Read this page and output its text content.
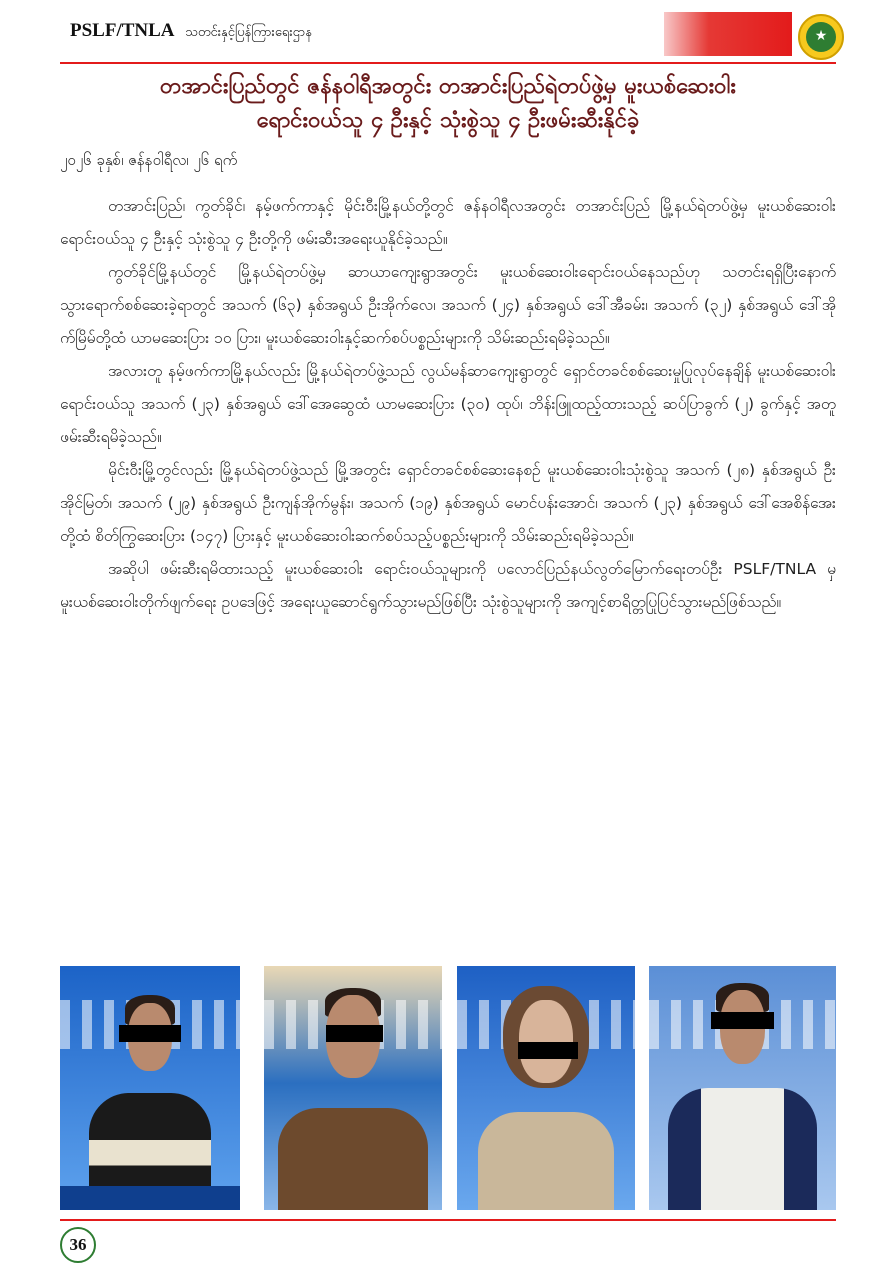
PSLF/TNLA သတင်းနှင့်ပြန်ကြားရေးဌာန	★
တအာင်းပြည်တွင် ဇန်နဝါရီအတွင်း တအာင်းပြည်ရဲတပ်ဖွဲ့မှ မူးယစ်ဆေးဝါး
ရောင်းဝယ်သူ ၄ ဦးနှင့် သုံးစွဲသူ ၄ ဦးဖမ်းဆီးနိုင်ခဲ့
၂၀၂၆ ခုနှစ်၊ ဇန်နဝါရီလ၊ ၂၆ ရက်

တအာင်းပြည်၊ ကွတ်ခိုင်၊ နမ့်ဖက်ကာနှင့် မိုင်းဝီးမြို့နယ်တို့တွင် ဇန်နဝါရီလအတွင်း တအာင်းပြည် မြို့နယ်ရဲတပ်ဖွဲ့မှ မူးယစ်ဆေးဝါးရောင်းဝယ်သူ ၄ ဦးနှင့် သုံးစွဲသူ ၄ ဦးတို့ကို ဖမ်းဆီးအရေးယူနိုင်ခဲ့သည်။

ကွတ်ခိုင်မြို့နယ်တွင် မြို့နယ်ရဲတပ်ဖွဲ့မှ ဆာယာကျေးရွာအတွင်း မူးယစ်ဆေးဝါးရောင်းဝယ်နေသည်ဟု သတင်းရရှိပြီးနောက် သွားရောက်စစ်ဆေးခဲ့ရာတွင် အသက် (၆၃) နှစ်အရွယ် ဦးအိုက်လေ၊ အသက် (၂၄) နှစ်အရွယ် ဒေါ်အီခမ်း၊ အသက် (၃၂) နှစ်အရွယ် ဒေါ်အိုက်မြိမ်တို့ထံ ယာမဆေးပြား ၁၀ ပြား၊ မူးယစ်ဆေးဝါးနှင့်ဆက်စပ်ပစ္စည်းများကို သိမ်းဆည်းရမိခဲ့သည်။

အလားတူ နမ့်ဖက်ကာမြို့နယ်လည်း မြို့နယ်ရဲတပ်ဖွဲ့သည် လွယ်မန်ဆာကျေးရွာတွင် ရှောင်တခင်စစ်ဆေးမှုပြုလုပ်နေချိန် မူးယစ်ဆေးဝါးရောင်းဝယ်သူ အသက် (၂၃) နှစ်အရွယ် ဒေါ်အေဆွေထံ ယာမဆေးပြား (၃၀) ထုပ်၊ ဘိန်းဖြူထည့်ထားသည့် ဆပ်ပြာခွက် (၂) ခွက်နှင့် အတူ ဖမ်းဆီးရမိခဲ့သည်။

မိုင်းဝီးမြို့တွင်လည်း မြို့နယ်ရဲတပ်ဖွဲ့သည် မြို့အတွင်း ရှောင်တခင်စစ်ဆေးနေစဉ် မူးယစ်ဆေးဝါးသုံးစွဲသူ အသက် (၂၈) နှစ်အရွယ် ဦးအိုင်မြတ်၊ အသက် (၂၉) နှစ်အရွယ် ဦးကျန်အိုက်မွန်း၊ အသက် (၁၉) နှစ်အရွယ် မောင်ပန်းအောင်၊ အသက် (၂၃) နှစ်အရွယ် ဒေါ်အေစိန်အေးတို့ထံ စိတ်ကြွဆေးပြား (၁၄၇) ပြားနှင့် မူးယစ်ဆေးဝါးဆက်စပ်သည့်ပစ္စည်းများကို သိမ်းဆည်းရမိခဲ့သည်။

အဆိုပါ ဖမ်းဆီးရမိထားသည့် မူးယစ်ဆေးဝါး ရောင်းဝယ်သူများကို ပလောင်ပြည်နယ်လွတ်မြောက်ရေးတပ်ဦး PSLF/TNLA မှ မူးယစ်ဆေးဝါးတိုက်ဖျက်ရေး ဥပဒေဖြင့် အရေးယူဆောင်ရွက်သွားမည်ဖြစ်ပြီး သုံးစွဲသူများကို အကျင့်စာရိတ္တပြုပြင်သွားမည်ဖြစ်သည်။

36
